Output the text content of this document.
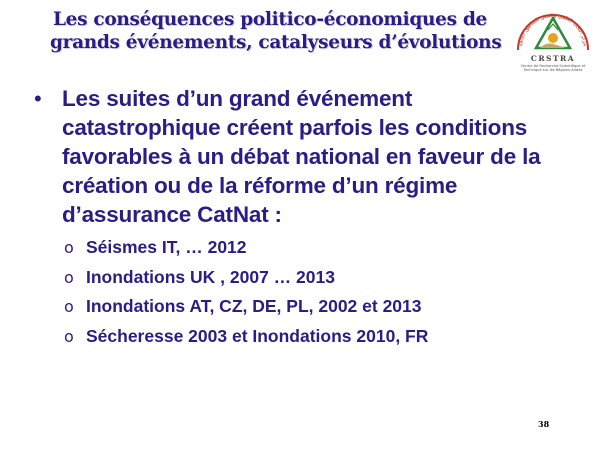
Les conséquences politico-économiques de
grands événements, catalyseurs d’évolutions	مركز البحث العلمي والتقني للمناطق الجافة
CRSTRA
Centre de Recherche Scientifique et Technique sur les Régions Arides
• Les suites d’un grand événement catastrophique créent parfois les conditions favorables à un débat national en faveur de la création ou de la réforme d’un régime d’assurance CatNat :
o Séismes IT, … 2012
o Inondations UK , 2007 … 2013
o Inondations AT, CZ, DE, PL, 2002 et 2013
o Sécheresse 2003 et Inondations 2010, FR
38
